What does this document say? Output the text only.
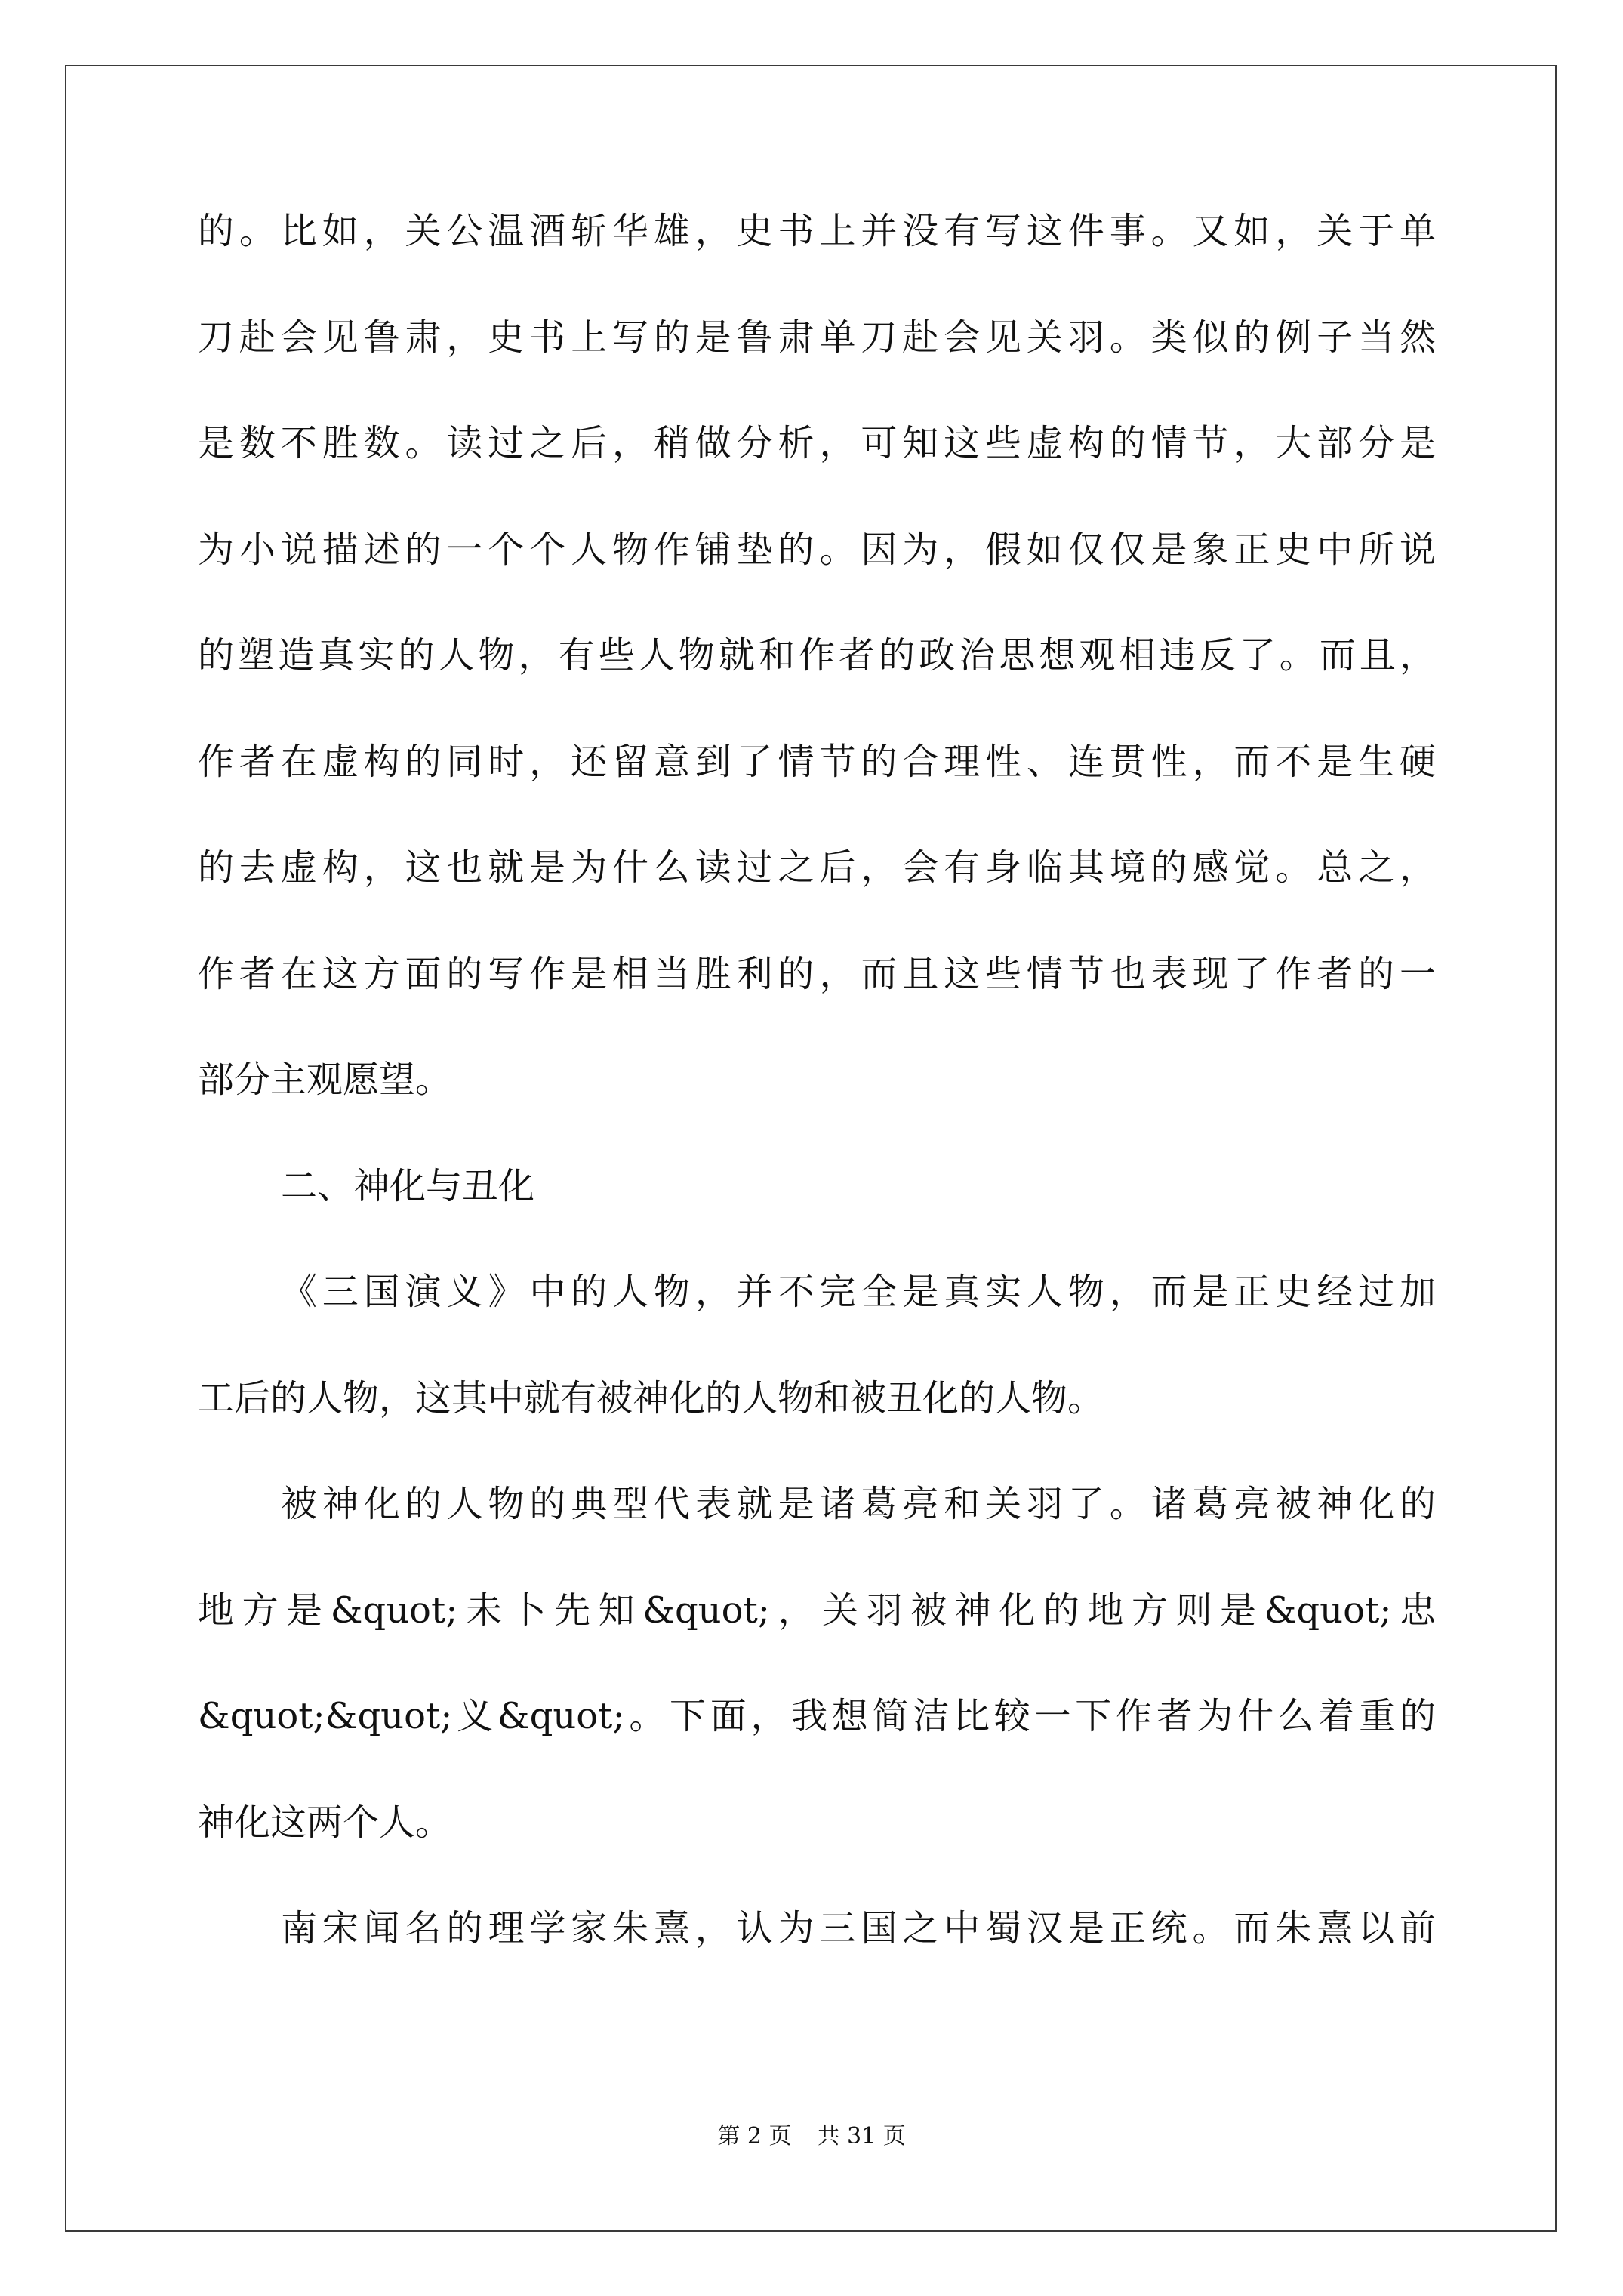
的。比如，关公温酒斩华雄，史书上并没有写这件事。又如，关于单
刀赴会见鲁肃，史书上写的是鲁肃单刀赴会见关羽。类似的例子当然
是数不胜数。读过之后，稍做分析，可知这些虚构的情节，大部分是
为小说描述的一个个人物作铺垫的。因为，假如仅仅是象正史中所说
的塑造真实的人物，有些人物就和作者的政治思想观相违反了。而且，
作者在虚构的同时，还留意到了情节的合理性、连贯性，而不是生硬
的去虚构，这也就是为什么读过之后，会有身临其境的感觉。总之，
作者在这方面的写作是相当胜利的，而且这些情节也表现了作者的一
部分主观愿望。
二、神化与丑化
《三国演义》中的人物，并不完全是真实人物，而是正史经过加
工后的人物，这其中就有被神化的人物和被丑化的人物。
被神化的人物的典型代表就是诸葛亮和关羽了。诸葛亮被神化的
地方是&quot;未卜先知&quot;，关羽被神化的地方则是&quot;忠
&quot;&quot;义&quot;。下面，我想简洁比较一下作者为什么着重的
神化这两个人。
南宋闻名的理学家朱熹，认为三国之中蜀汉是正统。而朱熹以前
第 2 页 共 31 页
